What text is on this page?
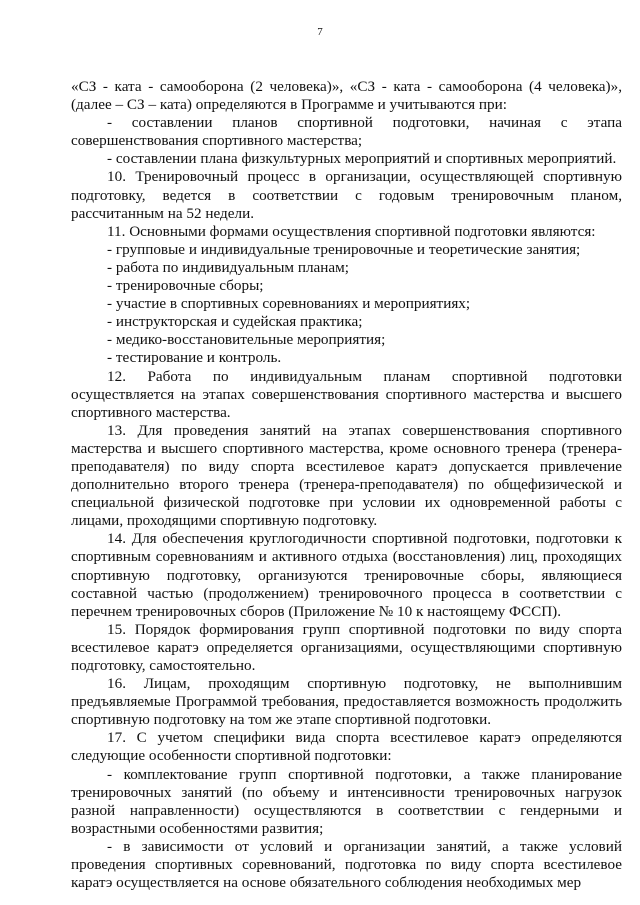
7

«СЗ - ката - самооборона (2 человека)», «СЗ - ката - самооборона (4 человека)», (далее – СЗ – ката) определяются в Программе и учитываются при:

- составлении планов спортивной подготовки, начиная с этапа совершенствования спортивного мастерства;

- составлении плана физкультурных мероприятий и спортивных мероприятий.

10. Тренировочный процесс в организации, осуществляющей спортивную подготовку, ведется в соответствии с годовым тренировочным планом, рассчитанным на 52 недели.

11. Основными формами осуществления спортивной подготовки являются:

- групповые и индивидуальные тренировочные и теоретические занятия;

- работа по индивидуальным планам;

- тренировочные сборы;

- участие в спортивных соревнованиях и мероприятиях;

- инструкторская и судейская практика;

- медико-восстановительные мероприятия;

- тестирование и контроль.

12. Работа по индивидуальным планам спортивной подготовки осуществляется на этапах совершенствования спортивного мастерства и высшего спортивного мастерства.

13. Для проведения занятий на этапах совершенствования спортивного мастерства и высшего спортивного мастерства, кроме основного тренера (тренера-преподавателя) по виду спорта всестилевое каратэ допускается привлечение дополнительно второго тренера (тренера-преподавателя) по общефизической и специальной физической подготовке при условии их одновременной работы с лицами, проходящими спортивную подготовку.

14. Для обеспечения круглогодичности спортивной подготовки, подготовки к спортивным соревнованиям и активного отдыха (восстановления) лиц, проходящих спортивную подготовку, организуются тренировочные сборы, являющиеся составной частью (продолжением) тренировочного процесса в соответствии с перечнем тренировочных сборов (Приложение № 10 к настоящему ФССП).

15. Порядок формирования групп спортивной подготовки по виду спорта всестилевое каратэ определяется организациями, осуществляющими спортивную подготовку, самостоятельно.

16. Лицам, проходящим спортивную подготовку, не выполнившим предъявляемые Программой требования, предоставляется возможность продолжить спортивную подготовку на том же этапе спортивной подготовки.

17. С учетом специфики вида спорта всестилевое каратэ определяются следующие особенности спортивной подготовки:

- комплектование групп спортивной подготовки, а также планирование тренировочных занятий (по объему и интенсивности тренировочных нагрузок разной направленности) осуществляются в соответствии с гендерными и возрастными особенностями развития;

- в зависимости от условий и организации занятий, а также условий проведения спортивных соревнований, подготовка по виду спорта всестилевое каратэ осуществляется на основе обязательного соблюдения необходимых мер
